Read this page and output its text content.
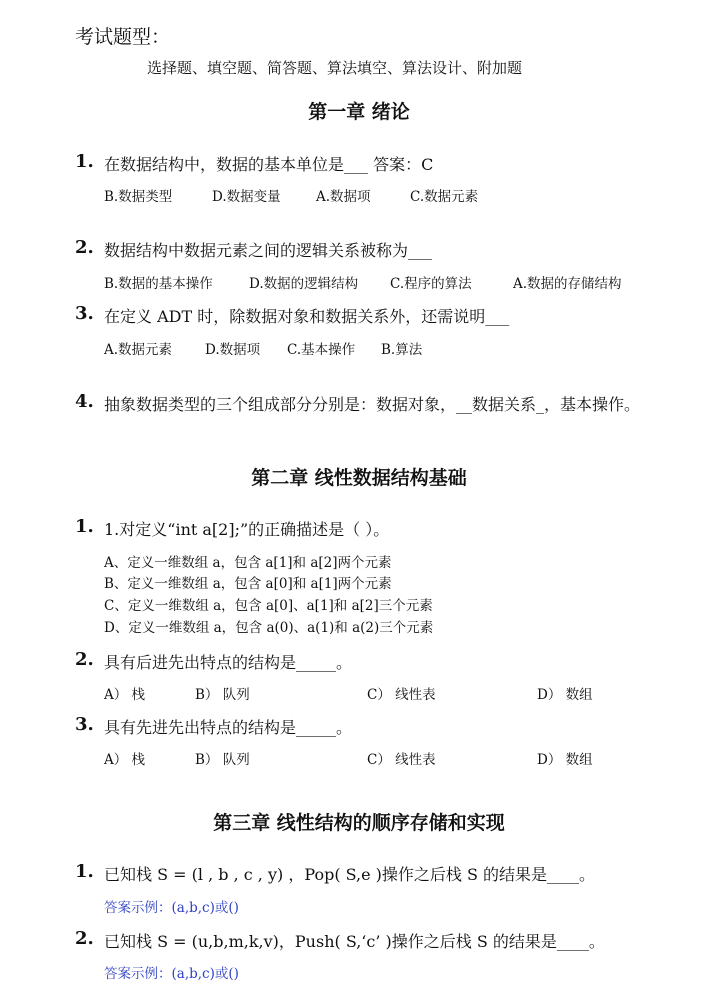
考试题型：
选择题、填空题、简答题、算法填空、算法设计、附加题
第一章 绪论
1. 在数据结构中，数据的基本单位是___ 答案：C
B.数据类型	D.数据变量	A.数据项	C.数据元素
2. 数据结构中数据元素之间的逻辑关系被称为___
B.数据的基本操作	D.数据的逻辑结构 C.程序的算法	A.数据的存储结构
3. 在定义 ADT 时，除数据对象和数据关系外，还需说明___
A.数据元素 D.数据项 C.基本操作 B.算法
4. 抽象数据类型的三个组成部分分别是：数据对象，__数据关系_，基本操作。
第二章 线性数据结构基础
1. 1.对定义“int a[2];”的正确描述是（ ）。
A、定义一维数组 a，包含 a[1]和 a[2]两个元素
B、定义一维数组 a，包含 a[0]和 a[1]两个元素
C、定义一维数组 a，包含 a[0]、a[1]和 a[2]三个元素
D、定义一维数组 a，包含 a(0)、a(1)和 a(2)三个元素
2. 具有后进先出特点的结构是_____。
A） 栈	B） 队列	C） 线性表	D） 数组
3. 具有先进先出特点的结构是_____。
A） 栈	B） 队列	C） 线性表	D） 数组
第三章 线性结构的顺序存储和实现
1. 已知栈 S = (l , b , c , y) ，Pop( S,e )操作之后栈 S 的结果是____。
答案示例：(a,b,c)或()
2. 已知栈 S = (u,b,m,k,v)，Push( S,‘c’ )操作之后栈 S 的结果是____。
答案示例：(a,b,c)或()
